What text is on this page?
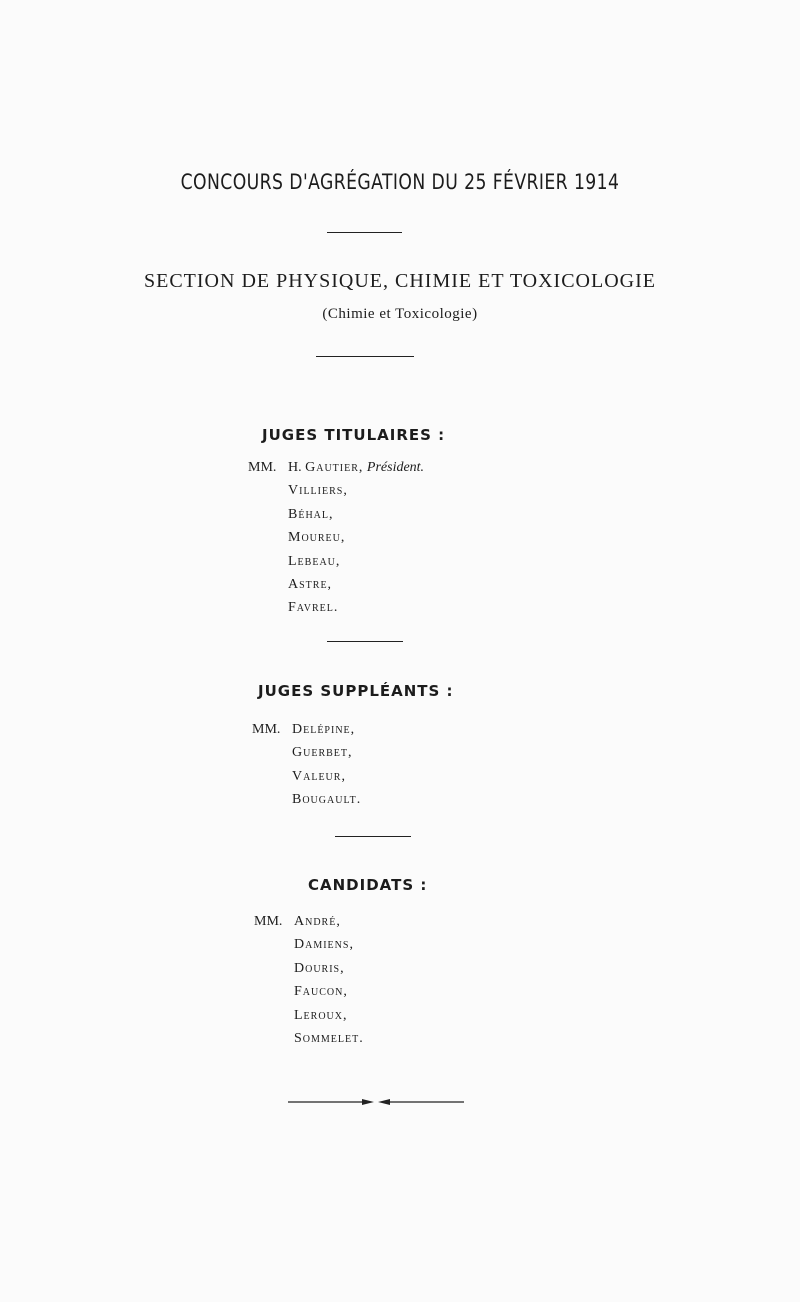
CONCOURS D'AGRÉGATION DU 25 FÉVRIER 1914
SECTION DE PHYSIQUE, CHIMIE ET TOXICOLOGIE
(Chimie et Toxicologie)
JUGES TITULAIRES :
MM. H. Gautier, Président.
Villiers,
Béhal,
Moureu,
Lebeau,
Astre,
Favrel.
JUGES SUPPLÉANTS :
MM. Delépine,
Guerbet,
Valeur,
Bougault.
CANDIDATS :
MM. André,
Damiens,
Douris,
Faucon,
Leroux,
Sommelet.
